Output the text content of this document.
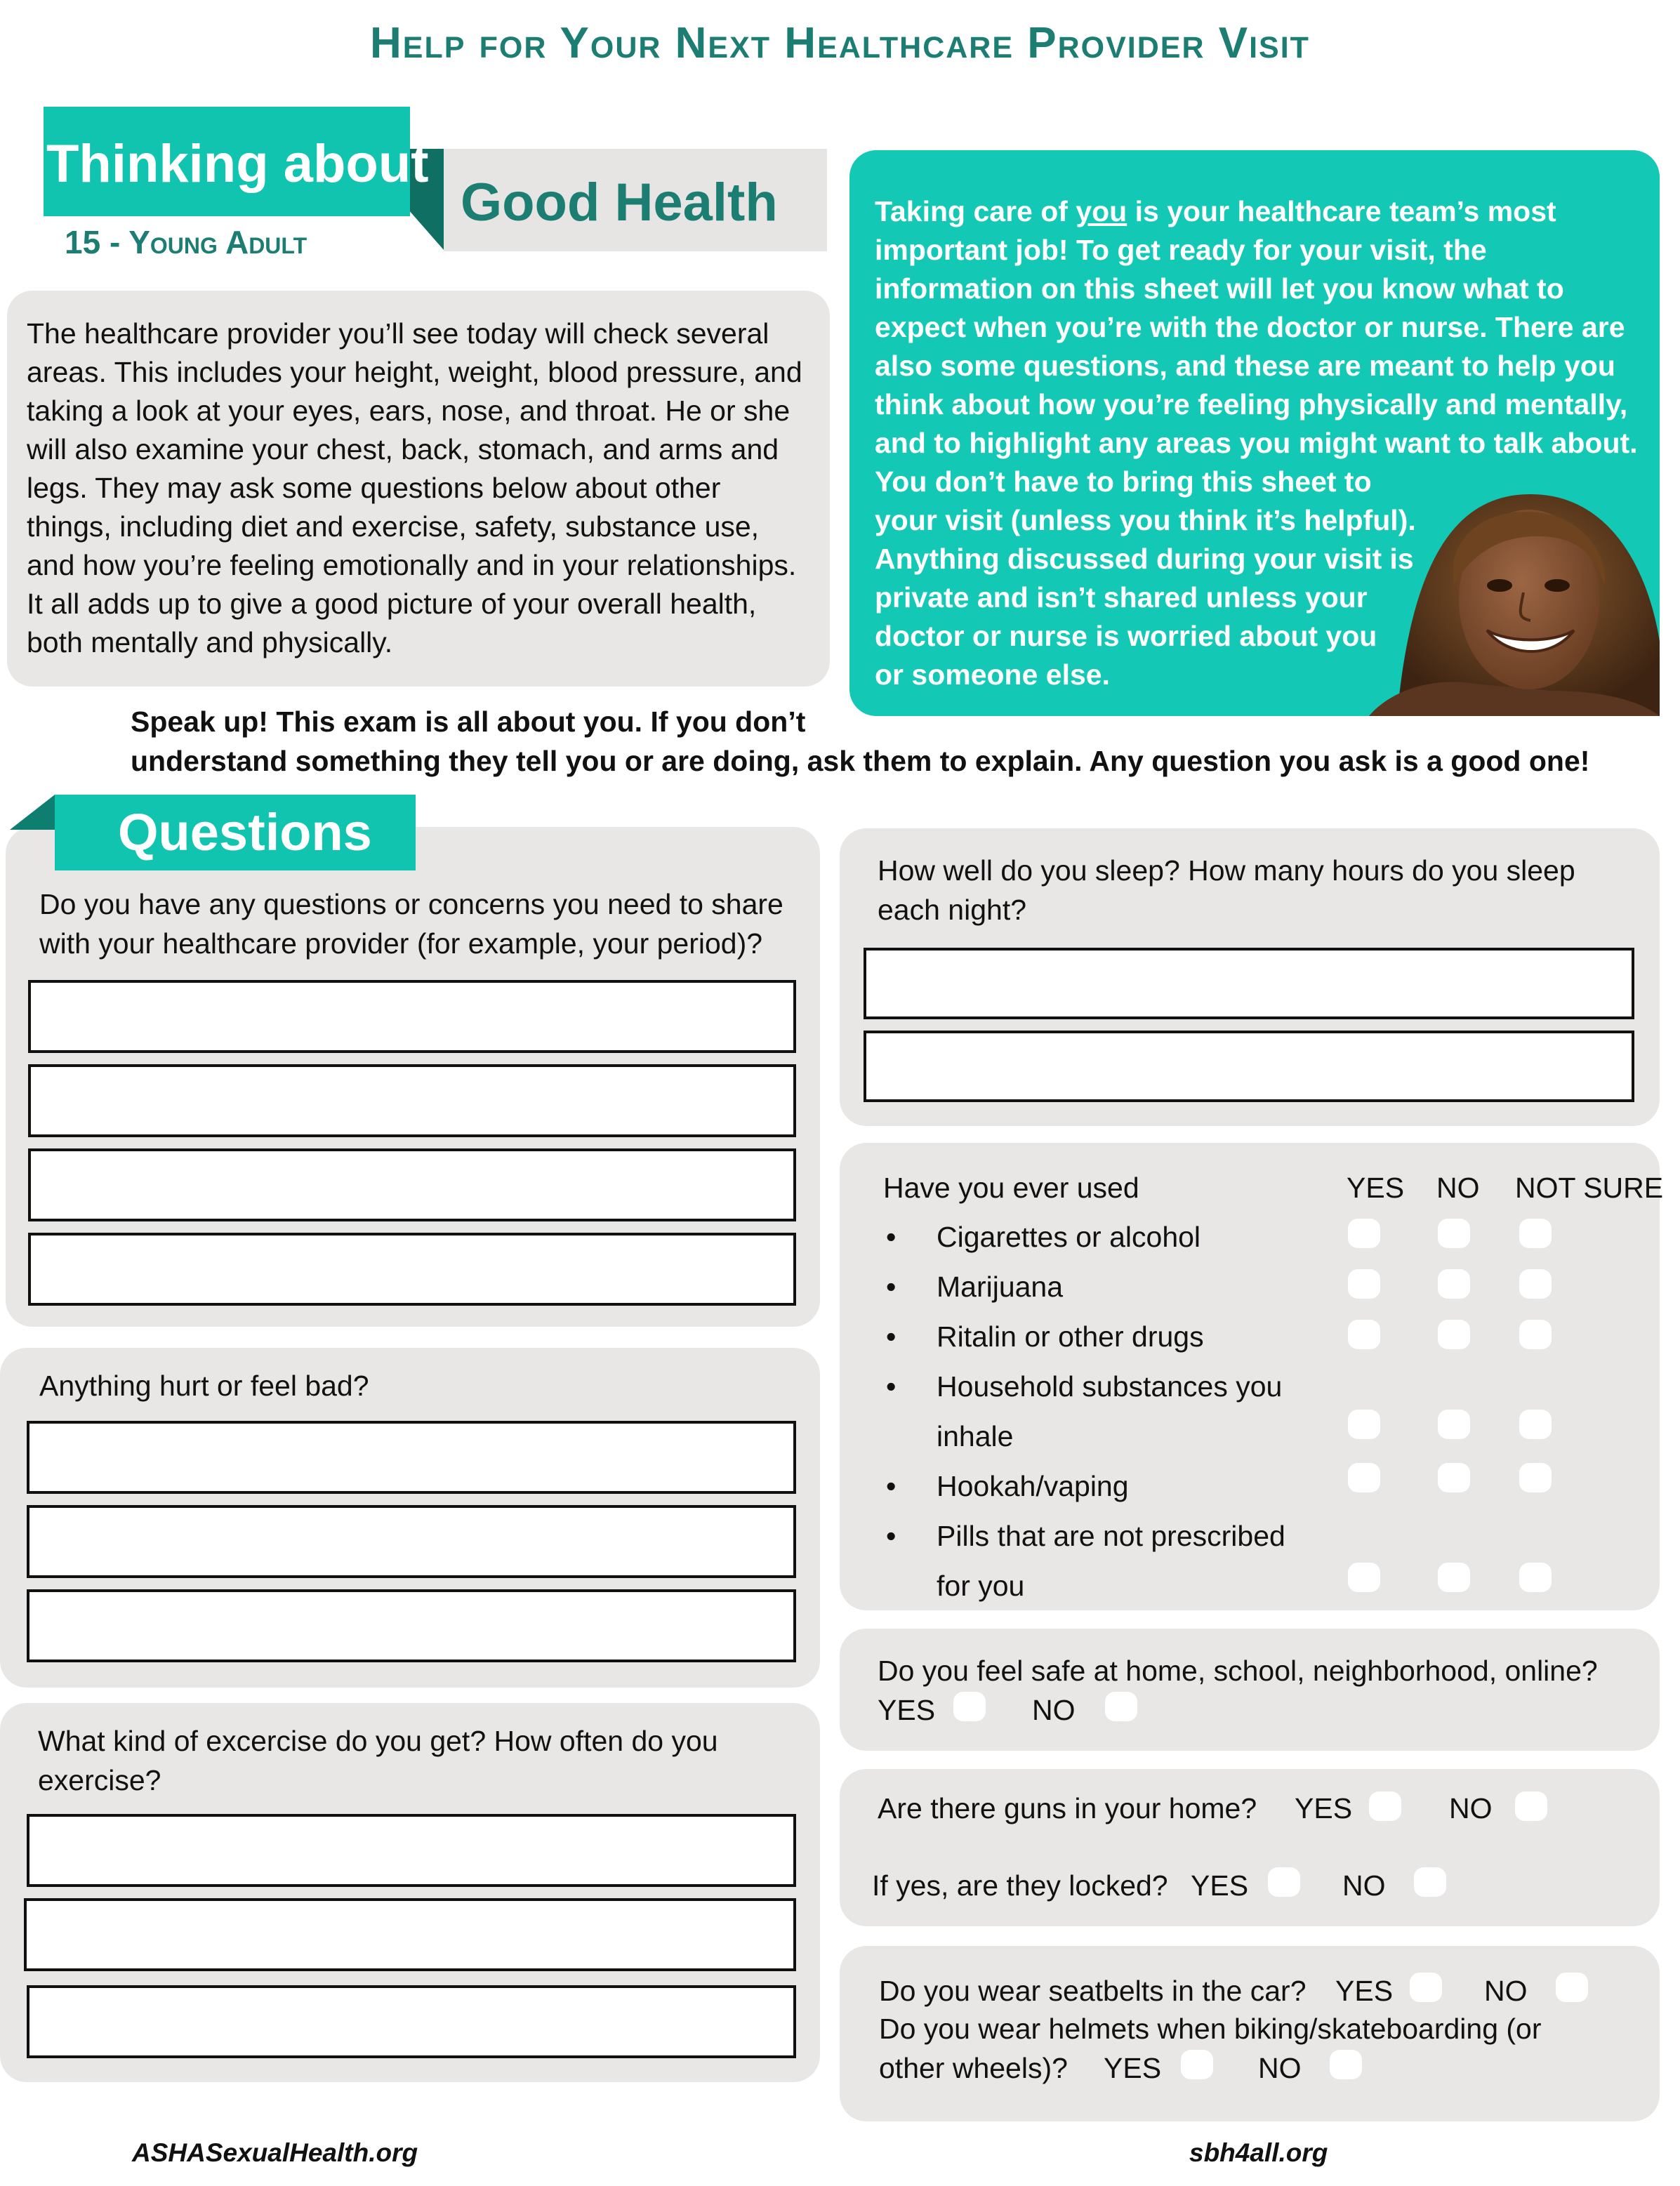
Help for Your Next Healthcare Provider Visit
Thinking about
Good Health
15 - Young Adult

The healthcare provider you’ll see today will check several areas. This includes your height, weight, blood pressure, and taking a look at your eyes, ears, nose, and throat. He or she will also examine your chest, back, stomach, and arms and legs. They may ask some questions below about other things, including diet and exercise, safety, substance use, and how you’re feeling emotionally and in your relationships. It all adds up to give a good picture of your overall health, both mentally and physically.

Taking care of you is your healthcare team’s most important job! To get ready for your visit, the information on this sheet will let you know what to expect when you’re with the doctor or nurse. There are also some questions, and these are meant to help you think about how you’re feeling physically and mentally, and to highlight any areas you might want to talk about.

You don’t have to bring this sheet to

your visit (unless you think it’s helpful).

Anything discussed during your visit is

private and isn’t shared unless your

doctor or nurse is worried about you

or someone else.

Speak up! This exam is all about you. If you don’t
understand something they tell you or are doing, ask them to explain. Any question you ask is a good one!
Questions
Do you have any questions or concerns you need to share
with your healthcare provider (for example, your period)?
Anything hurt or feel bad?
What kind of excercise do you get? How often do you
exercise?
How well do you sleep? How many hours do you sleep
each night?
Have you ever used	YES NO NOT SURE
• Cigarettes or alcohol
• Marijuana
• Ritalin or other drugs
• Household substances you
inhale
• Hookah/vaping
• Pills that are not prescribed
for you
Do you feel safe at home, school, neighborhood, online?
YES	NO
Are there guns in your home? YES	NO
If yes, are they locked? YES	NO
Do you wear seatbelts in the car? YES	NO
Do you wear helmets when biking/skateboarding (or
other wheels)? YES	NO
ASHASexualHealth.org	sbh4all.org
